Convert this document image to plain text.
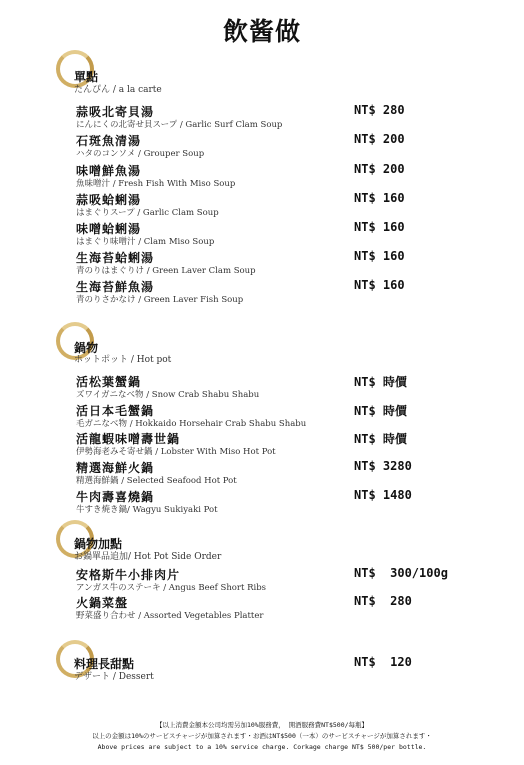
飲酱做
單點
たんぴん / a la carte
蒜吸北寄貝湯
にんにくの北寄せ貝スープ / Garlic Surf Clam Soup
NT$ 280
石斑魚清湯
ハタのコンソメ / Grouper Soup
NT$ 200
味噌鮮魚湯
魚味噌汁 / Fresh Fish With Miso Soup
NT$ 200
蒜吸蛤蜊湯
はまぐりスープ / Garlic Clam Soup
NT$ 160
味噌蛤蜊湯
はまぐり味噌汁 / Clam Miso Soup
NT$ 160
生海苔蛤蜊湯
青のりはまぐりけ / Green Laver Clam Soup
NT$ 160
生海苔鮮魚湯
青のりさかなけ / Green Laver Fish Soup
NT$ 160
鍋物
ホットポット / Hot pot
活松葉蟹鍋
ズワイガニなべ物 / Snow Crab Shabu Shabu
NT$ 時價
活日本毛蟹鍋
毛ガニなべ物 / Hokkaido Horsehair Crab Shabu Shabu
NT$ 時價
活龍蝦味噌壽世鍋
伊勢海老みそ寄せ鍋 / Lobster With Miso Hot Pot
NT$ 時價
精選海鮮火鍋
精選海鮮鍋 / Selected Seafood Hot Pot
NT$ 3280
牛肉壽喜燒鍋
牛すき焼き鍋/ Wagyu Sukiyaki Pot
NT$ 1480
鍋物加點
お鍋單品追加/ Hot Pot Side Order
安格斯牛小排肉片
アンガス牛のステーキ / Angus Beef Short Ribs
NT$  300/100g
火鍋菜盤
野菜盛り合わせ / Assorted Vegetables Platter
NT$  280
料理長甜點
デザート / Dessert
NT$  120
【以上消費金額本公司均需另加10%服務費， 開酒服務費NT$500/每瓶】
以上の金額は10%のサービスチャージが加算されます・お酒はNT$500（一本）のサービスチャージが加算されます・
Above prices are subject to a 10% service charge. Corkage charge NT$ 500/per bottle.
